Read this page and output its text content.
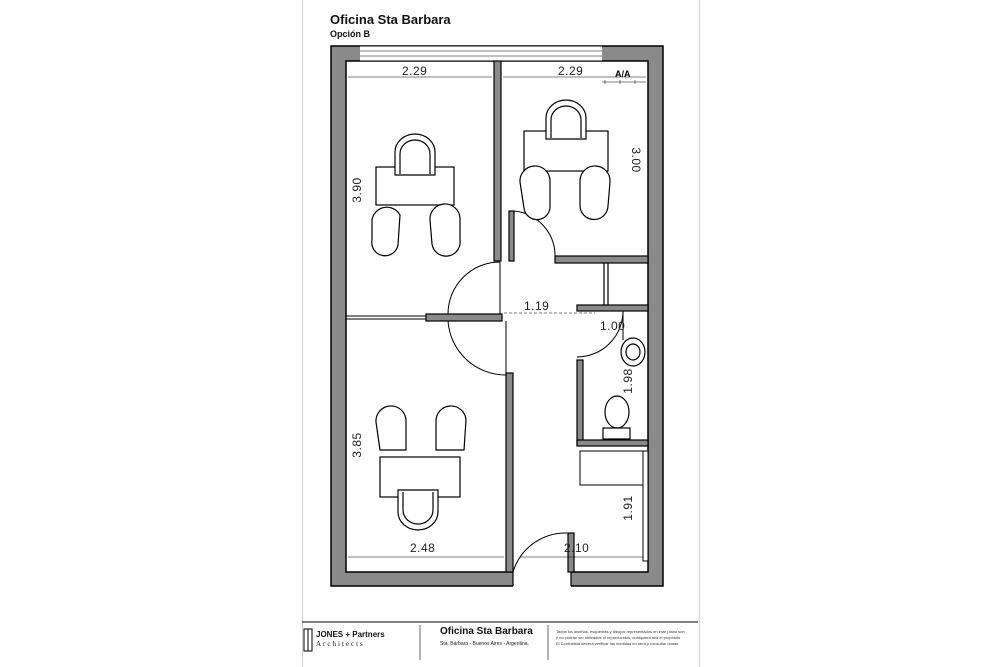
Oficina Sta Barbara
Opción B
2.29	2.29
3.90
3.00
1.19
1.00
1.98
3.85
2.48
1.91
2.10
A/A
JONES + Partners
Architects
Oficina Sta Barbara
Sta. Bárbara - Buenos Aires - Argentina.
Todos los diseños, esquemas y dibujos representados en este plano son
y no podrán ser utilizados ni reproducidos, cualquiera sea el propósito
El Contratista deberá verificar las medidas en obra y consultar dudas
